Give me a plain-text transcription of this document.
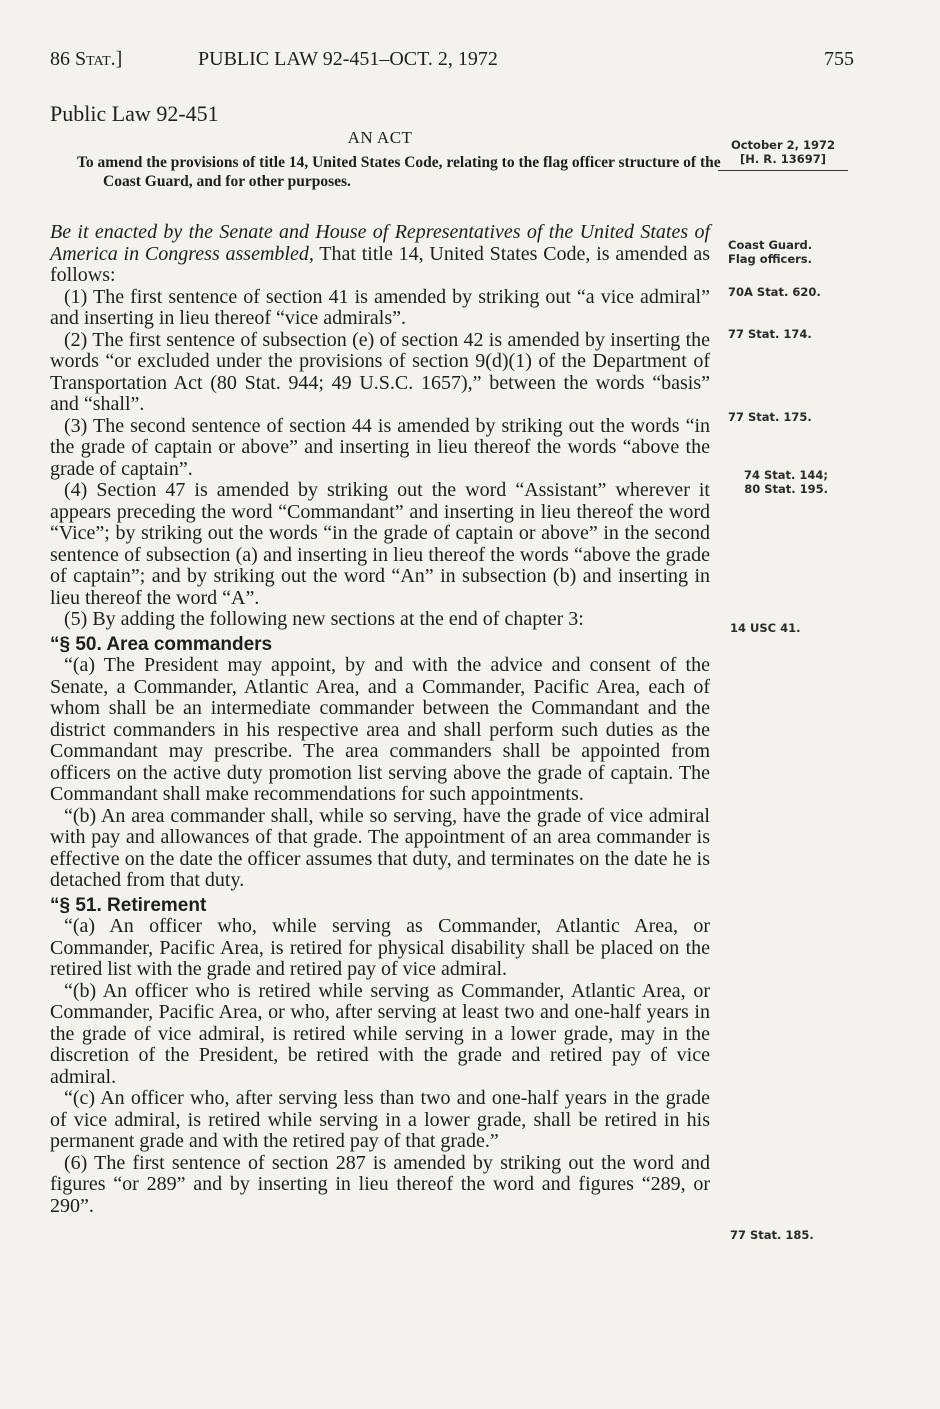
86 Stat.]	PUBLIC LAW 92-451–OCT. 2, 1972	755
Public Law 92-451
AN ACT
To amend the provisions of title 14, United States Code, relating to the flag officer structure of the Coast Guard, and for other purposes.
October 2, 1972
[H. R. 13697]
Coast Guard.
Flag officers.
70A Stat. 620.
77 Stat. 174.
77 Stat. 175.
74 Stat. 144;
80 Stat. 195.
14 USC 41.
77 Stat. 185.

Be it enacted by the Senate and House of Representatives of the United States of America in Congress assembled, That title 14, United States Code, is amended as follows:

(1) The first sentence of section 41 is amended by striking out “a vice admiral” and inserting in lieu thereof “vice admirals”.

(2) The first sentence of subsection (e) of section 42 is amended by inserting the words “or excluded under the provisions of section 9(d)(1) of the Department of Transportation Act (80 Stat. 944; 49 U.S.C. 1657),” between the words “basis” and “shall”.

(3) The second sentence of section 44 is amended by striking out the words “in the grade of captain or above” and inserting in lieu thereof the words “above the grade of captain”.

(4) Section 47 is amended by striking out the word “Assistant” wherever it appears preceding the word “Commandant” and inserting in lieu thereof the word “Vice”; by striking out the words “in the grade of captain or above” in the second sentence of subsection (a) and inserting in lieu thereof the words “above the grade of captain”; and by striking out the word “An” in subsection (b) and inserting in lieu thereof the word “A”.

(5) By adding the following new sections at the end of chapter 3:

“§ 50. Area commanders

“(a) The President may appoint, by and with the advice and consent of the Senate, a Commander, Atlantic Area, and a Commander, Pacific Area, each of whom shall be an intermediate commander between the Commandant and the district commanders in his respective area and shall perform such duties as the Commandant may prescribe. The area commanders shall be appointed from officers on the active duty promotion list serving above the grade of captain. The Commandant shall make recommendations for such appointments.

“(b) An area commander shall, while so serving, have the grade of vice admiral with pay and allowances of that grade. The appointment of an area commander is effective on the date the officer assumes that duty, and terminates on the date he is detached from that duty.

“§ 51. Retirement

“(a) An officer who, while serving as Commander, Atlantic Area, or Commander, Pacific Area, is retired for physical disability shall be placed on the retired list with the grade and retired pay of vice admiral.

“(b) An officer who is retired while serving as Commander, Atlantic Area, or Commander, Pacific Area, or who, after serving at least two and one-half years in the grade of vice admiral, is retired while serving in a lower grade, may in the discretion of the President, be retired with the grade and retired pay of vice admiral.

“(c) An officer who, after serving less than two and one-half years in the grade of vice admiral, is retired while serving in a lower grade, shall be retired in his permanent grade and with the retired pay of that grade.”

(6) The first sentence of section 287 is amended by striking out the word and figures “or 289” and by inserting in lieu thereof the word and figures “289, or 290”.
